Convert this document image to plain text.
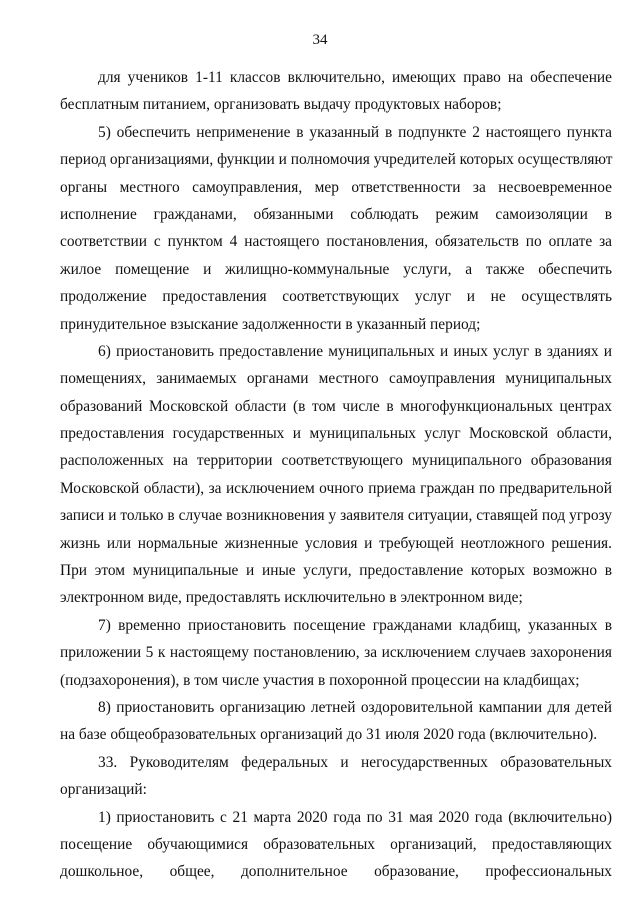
34
для учеников 1-11 классов включительно, имеющих право на обеспечение
бесплатным питанием, организовать выдачу продуктовых наборов;
5) обеспечить неприменение в указанный в подпункте 2 настоящего пункта
период организациями, функции и полномочия учредителей которых осуществляют
органы местного самоуправления, мер ответственности за несвоевременное
исполнение гражданами, обязанными соблюдать режим самоизоляции в
соответствии с пунктом 4 настоящего постановления, обязательств по оплате за
жилое помещение и жилищно-коммунальные услуги, а также обеспечить
продолжение предоставления соответствующих услуг и не осуществлять
принудительное взыскание задолженности в указанный период;
6) приостановить предоставление муниципальных и иных услуг в зданиях и
помещениях, занимаемых органами местного самоуправления муниципальных
образований Московской области (в том числе в многофункциональных центрах
предоставления государственных и муниципальных услуг Московской области,
расположенных на территории соответствующего муниципального образования
Московской области), за исключением очного приема граждан по предварительной
записи и только в случае возникновения у заявителя ситуации, ставящей под угрозу
жизнь или нормальные жизненные условия и требующей неотложного решения.
При этом муниципальные и иные услуги, предоставление которых возможно в
электронном виде, предоставлять исключительно в электронном виде;
7) временно приостановить посещение гражданами кладбищ, указанных в
приложении 5 к настоящему постановлению, за исключением случаев захоронения
(подзахоронения), в том числе участия в похоронной процессии на кладбищах;
8) приостановить организацию летней оздоровительной кампании для детей
на базе общеобразовательных организаций до 31 июля 2020 года (включительно).
33. Руководителям федеральных и негосударственных образовательных
организаций:
1) приостановить с 21 марта 2020 года по 31 мая 2020 года (включительно)
посещение обучающимися образовательных организаций, предоставляющих
дошкольное, общее, дополнительное образование, профессиональных
